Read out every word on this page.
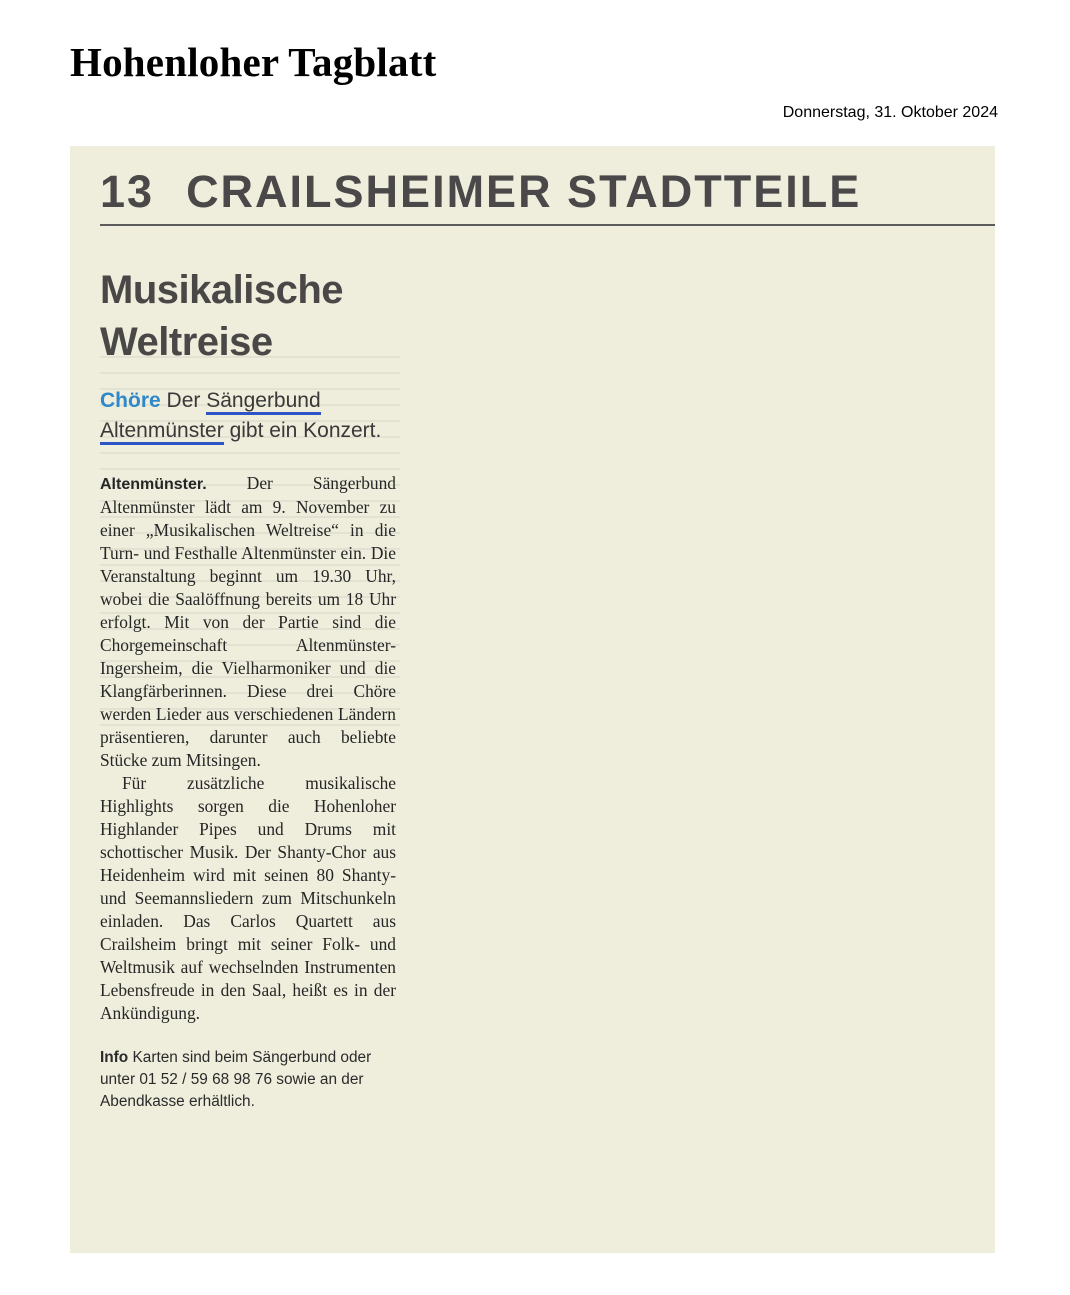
Hohenloher Tagblatt
Donnerstag, 31. Oktober 2024
13 CRAILSHEIMER STADTTEILE
Musikalische
Weltreise
Chöre Der Sängerbund
Altenmünster gibt ein Konzert.

Altenmünster. Der Sängerbund Altenmünster lädt am 9. November zu einer „Musikalischen Weltreise“ in die Turn- und Festhalle Altenmünster ein. Die Veranstaltung beginnt um 19.30 Uhr, wobei die Saalöffnung bereits um 18 Uhr erfolgt. Mit von der Partie sind die Chorgemeinschaft Altenmünster-Ingersheim, die Vielharmoniker und die Klangfärberinnen. Diese drei Chöre werden Lieder aus verschiedenen Ländern präsentieren, darunter auch beliebte Stücke zum Mitsingen.

Für zusätzliche musikalische Highlights sorgen die Hohenloher Highlander Pipes und Drums mit schottischer Musik. Der Shanty-Chor aus Heidenheim wird mit seinen 80 Shanty- und Seemannsliedern zum Mitschunkeln einladen. Das Carlos Quartett aus Crailsheim bringt mit seiner Folk- und Weltmusik auf wechselnden Instrumenten Lebensfreude in den Saal, heißt es in der Ankündigung.

Info Karten sind beim Sängerbund oder unter 01 52 / 59 68 98 76 sowie an der Abendkasse erhältlich.
